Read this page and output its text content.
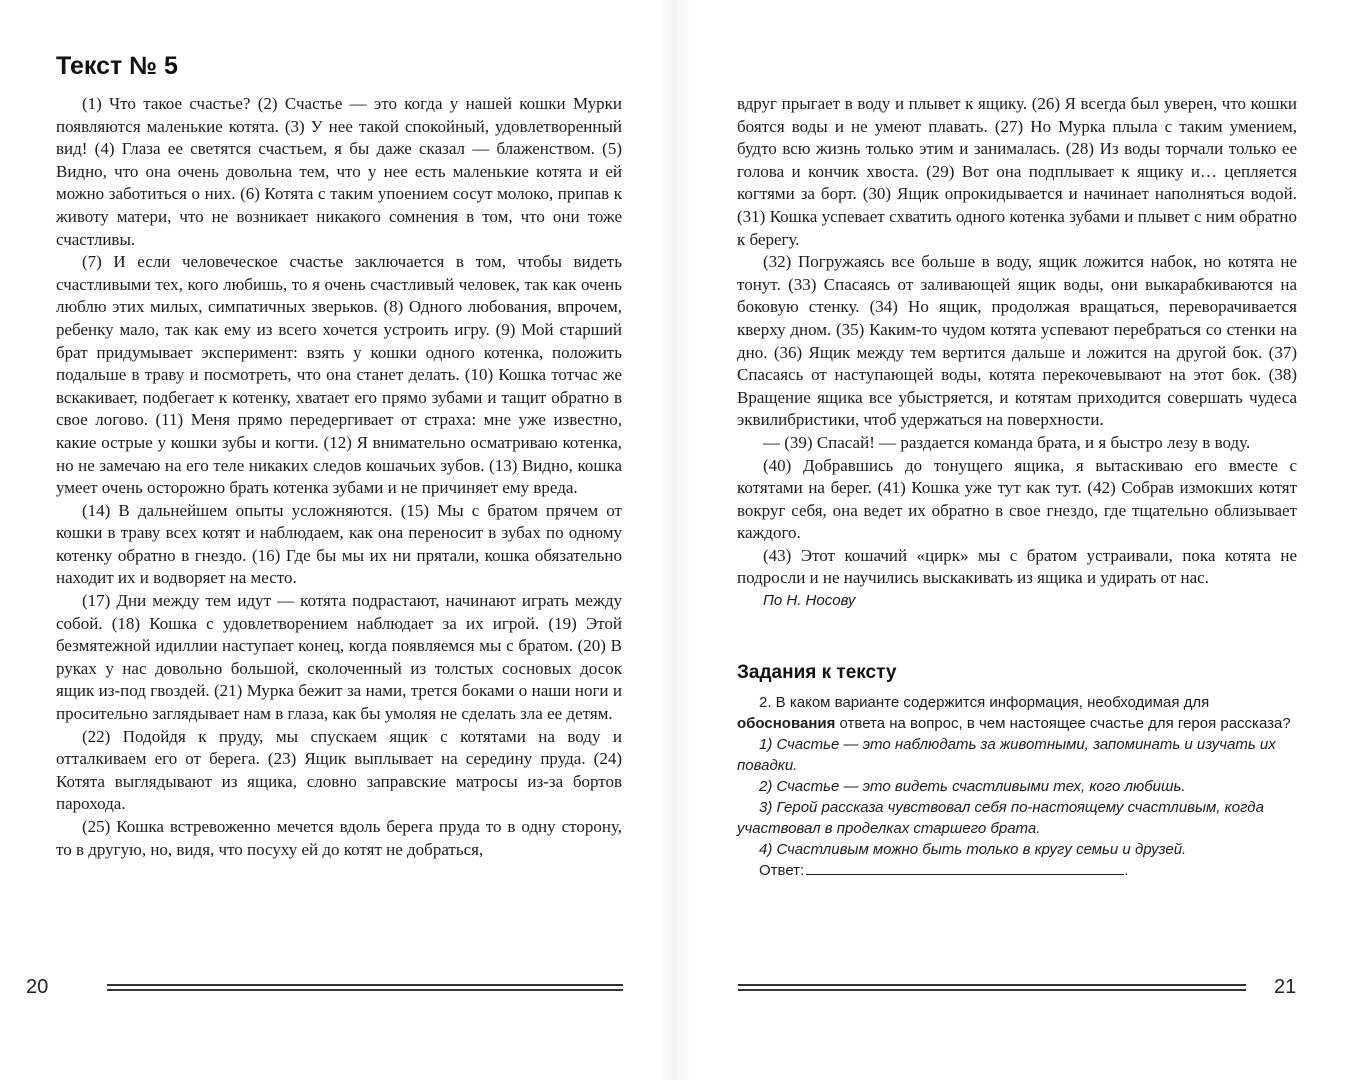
Текст № 5

(1) Что такое счастье? (2) Счастье — это когда у нашей кошки Мурки появляются маленькие котята. (3) У нее такой спокойный, удовлетворенный вид! (4) Глаза ее светятся счастьем, я бы даже сказал — блаженством. (5) Видно, что она очень довольна тем, что у нее есть маленькие котята и ей можно заботиться о них. (6) Котята с таким упоением сосут молоко, припав к животу матери, что не возникает никакого сомнения в том, что они тоже счастливы.

(7) И если человеческое счастье заключается в том, чтобы видеть счастливыми тех, кого любишь, то я очень счастливый человек, так как очень люблю этих милых, симпатичных зверьков. (8) Одного любования, впрочем, ребенку мало, так как ему из всего хочется устроить игру. (9) Мой старший брат придумывает эксперимент: взять у кошки одного котенка, положить подальше в траву и посмотреть, что она станет делать. (10) Кошка тотчас же вскакивает, подбегает к котенку, хватает его прямо зубами и тащит обратно в свое логово. (11) Меня прямо передергивает от страха: мне уже известно, какие острые у кошки зубы и когти. (12) Я внимательно осматриваю котенка, но не замечаю на его теле никаких следов кошачьих зубов. (13) Видно, кошка умеет очень осторожно брать котенка зубами и не причиняет ему вреда.

(14) В дальнейшем опыты усложняются. (15) Мы с братом прячем от кошки в траву всех котят и наблюдаем, как она переносит в зубах по одному котенку обратно в гнездо. (16) Где бы мы их ни прятали, кошка обязательно находит их и водворяет на место.

(17) Дни между тем идут — котята подрастают, начинают играть между собой. (18) Кошка с удовлетворением наблюдает за их игрой. (19) Этой безмятежной идиллии наступает конец, когда появляемся мы с братом. (20) В руках у нас довольно большой, сколоченный из толстых сосновых досок ящик из-под гвоздей. (21) Мурка бежит за нами, трется боками о наши ноги и просительно заглядывает нам в глаза, как бы умоляя не сделать зла ее детям.

(22) Подойдя к пруду, мы спускаем ящик с котятами на воду и отталкиваем его от берега. (23) Ящик выплывает на середину пруда. (24) Котята выглядывают из ящика, словно заправские матросы из-за бортов парохода.

(25) Кошка встревоженно мечется вдоль берега пруда то в одну сторону, то в другую, но, видя, что посуху ей до котят не добраться,

20

вдруг прыгает в воду и плывет к ящику. (26) Я всегда был уверен, что кошки боятся воды и не умеют плавать. (27) Но Мурка плыла с таким умением, будто всю жизнь только этим и занималась. (28) Из воды торчали только ее голова и кончик хвоста. (29) Вот она подплывает к ящику и… цепляется когтями за борт. (30) Ящик опрокидывается и начинает наполняться водой. (31) Кошка успевает схватить одного котенка зубами и плывет с ним обратно к берегу.

(32) Погружаясь все больше в воду, ящик ложится набок, но котята не тонут. (33) Спасаясь от заливающей ящик воды, они выкарабкиваются на боковую стенку. (34) Но ящик, продолжая вращаться, переворачивается кверху дном. (35) Каким-то чудом котята успевают перебраться со стенки на дно. (36) Ящик между тем вертится дальше и ложится на другой бок. (37) Спасаясь от наступающей воды, котята перекочевывают на этот бок. (38) Вращение ящика все убыстряется, и котятам приходится совершать чудеса эквилибристики, чтоб удержаться на поверхности.

— (39) Спасай! — раздается команда брата, и я быстро лезу в воду.

(40) Добравшись до тонущего ящика, я вытаскиваю его вместе с котятами на берег. (41) Кошка уже тут как тут. (42) Собрав измокших котят вокруг себя, она ведет их обратно в свое гнездо, где тщательно облизывает каждого.

(43) Этот кошачий «цирк» мы с братом устраивали, пока котята не подросли и не научились выскакивать из ящика и удирать от нас.

По Н. Носову

Задания к тексту

2. В каком варианте содержится информация, необходимая для обоснования ответа на вопрос, в чем настоящее счастье для героя рассказа?

1) Счастье — это наблюдать за животными, запоминать и изучать их повадки.

2) Счастье — это видеть счастливыми тех, кого любишь.

3) Герой рассказа чувствовал себя по-настоящему счастливым, когда участвовал в проделках старшего брата.

4) Счастливым можно быть только в кругу семьи и друзей.

Ответ:	.

21
